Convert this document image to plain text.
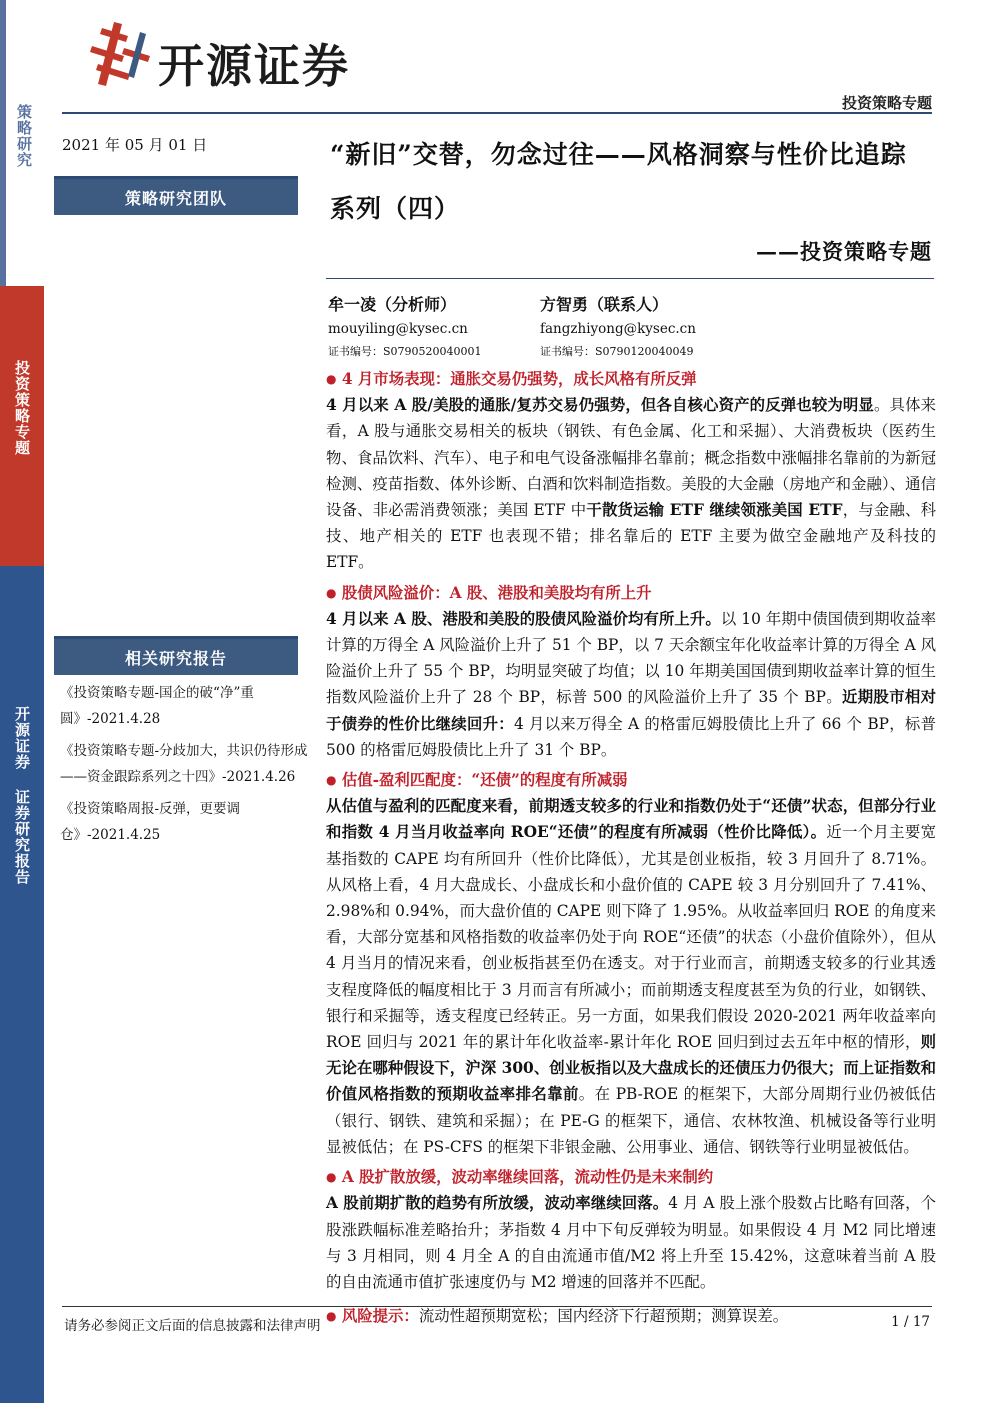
策略研究
投资策略专题
开源证券 证券研究报告
开源证券
投资策略专题
2021 年 05 月 01 日
策略研究团队
相关研究报告
《投资策略专题-国企的破“净”重圆》-2021.4.28
《投资策略专题-分歧加大，共识仍待形成——资金跟踪系列之十四》-2021.4.26
《投资策略周报-反弹，更要调仓》-2021.4.25
“新旧”交替，勿念过往——风格洞察与性价比追踪系列（四）
——投资策略专题
牟一凌（分析师）
mouyiling@kysec.cn
证书编号：S0790520040001
方智勇（联系人）
fangzhiyong@kysec.cn
证书编号：S0790120040049
● 4 月市场表现：通胀交易仍强势，成长风格有所反弹
4 月以来 A 股/美股的通胀/复苏交易仍强势，但各自核心资产的反弹也较为明显。具体来看，A 股与通胀交易相关的板块（钢铁、有色金属、化工和采掘）、大消费板块（医药生物、食品饮料、汽车）、电子和电气设备涨幅排名靠前；概念指数中涨幅排名靠前的为新冠检测、疫苗指数、体外诊断、白酒和饮料制造指数。美股的大金融（房地产和金融）、通信设备、非必需消费领涨；美国 ETF 中干散货运输 ETF 继续领涨美国 ETF，与金融、科技、地产相关的 ETF 也表现不错；排名靠后的 ETF 主要为做空金融地产及科技的 ETF。
● 股债风险溢价：A 股、港股和美股均有所上升
4 月以来 A 股、港股和美股的股债风险溢价均有所上升。以 10 年期中债国债到期收益率计算的万得全 A 风险溢价上升了 51 个 BP，以 7 天余额宝年化收益率计算的万得全 A 风险溢价上升了 55 个 BP，均明显突破了均值；以 10 年期美国国债到期收益率计算的恒生指数风险溢价上升了 28 个 BP，标普 500 的风险溢价上升了 35 个 BP。近期股市相对于债券的性价比继续回升：4 月以来万得全 A 的格雷厄姆股债比上升了 66 个 BP，标普 500 的格雷厄姆股债比上升了 31 个 BP。
● 估值-盈利匹配度：“还债”的程度有所减弱
从估值与盈利的匹配度来看，前期透支较多的行业和指数仍处于“还债”状态，但部分行业和指数 4 月当月收益率向 ROE“还债”的程度有所减弱（性价比降低）。近一个月主要宽基指数的 CAPE 均有所回升（性价比降低），尤其是创业板指，较 3 月回升了 8.71%。从风格上看，4 月大盘成长、小盘成长和小盘价值的 CAPE 较 3 月分别回升了 7.41%、2.98%和 0.94%，而大盘价值的 CAPE 则下降了 1.95%。从收益率回归 ROE 的角度来看，大部分宽基和风格指数的收益率仍处于向 ROE“还债”的状态（小盘价值除外），但从 4 月当月的情况来看，创业板指甚至仍在透支。对于行业而言，前期透支较多的行业其透支程度降低的幅度相比于 3 月而言有所减小；而前期透支程度甚至为负的行业，如钢铁、银行和采掘等，透支程度已经转正。另一方面，如果我们假设 2020-2021 两年收益率向 ROE 回归与 2021 年的累计年化收益率-累计年化 ROE 回归到过去五年中枢的情形，则无论在哪种假设下，沪深 300、创业板指以及大盘成长的还债压力仍很大；而上证指数和价值风格指数的预期收益率排名靠前。在 PB-ROE 的框架下，大部分周期行业仍被低估（银行、钢铁、建筑和采掘）；在 PE-G 的框架下，通信、农林牧渔、机械设备等行业明显被低估；在 PS-CFS 的框架下非银金融、公用事业、通信、钢铁等行业明显被低估。
● A 股扩散放缓，波动率继续回落，流动性仍是未来制约
A 股前期扩散的趋势有所放缓，波动率继续回落。4 月 A 股上涨个股数占比略有回落，个股涨跌幅标准差略抬升；茅指数 4 月中下旬反弹较为明显。如果假设 4 月 M2 同比增速与 3 月相同，则 4 月全 A 的自由流通市值/M2 将上升至 15.42%，这意味着当前 A 股的自由流通市值扩张速度仍与 M2 增速的回落并不匹配。
● 风险提示：流动性超预期宽松；国内经济下行超预期；测算误差。
请务必参阅正文后面的信息披露和法律声明	1 / 17
